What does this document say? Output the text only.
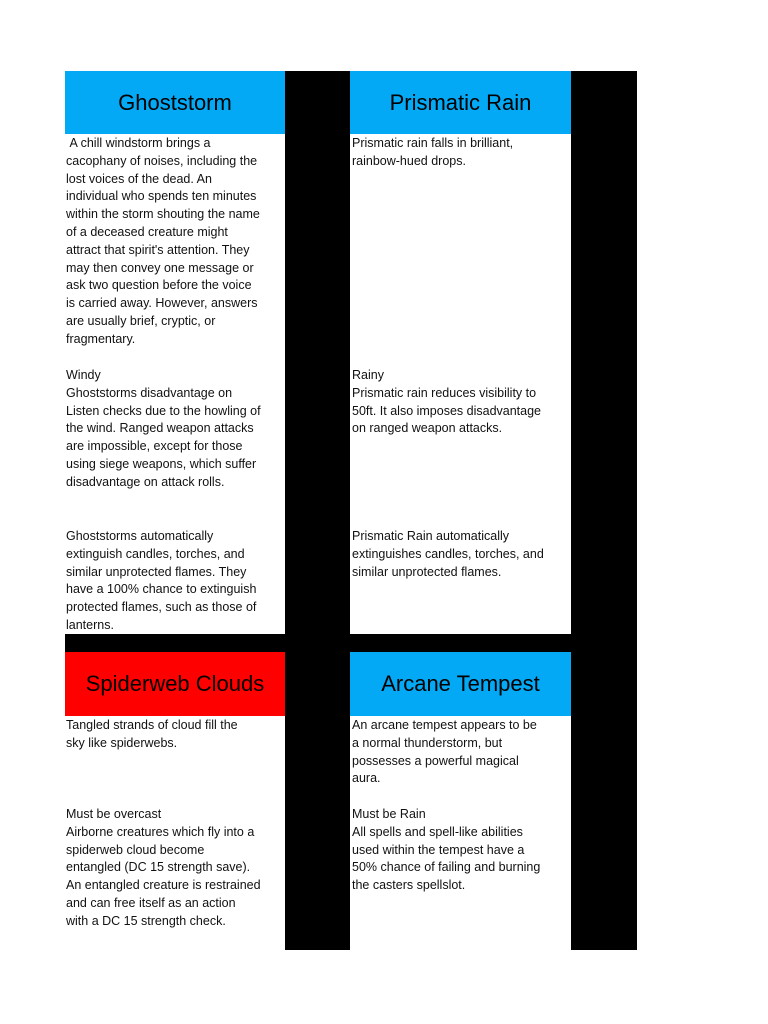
Ghoststorm
A chill windstorm brings a
cacophany of noises, including the
lost voices of the dead. An
individual who spends ten minutes
within the storm shouting the name
of a deceased creature might
attract that spirit's attention. They
may then convey one message or
ask two question before the voice
is carried away. However, answers
are usually brief, cryptic, or
fragmentary.
Windy
Ghoststorms disadvantage on
Listen checks due to the howling of
the wind. Ranged weapon attacks
are impossible, except for those
using siege weapons, which suffer
disadvantage on attack rolls.
Ghoststorms automatically
extinguish candles, torches, and
similar unprotected flames. They
have a 100% chance to extinguish
protected flames, such as those of
lanterns.
Prismatic Rain
Prismatic rain falls in brilliant,
rainbow-hued drops.
Rainy
Prismatic rain reduces visibility to
50ft. It also imposes disadvantage
on ranged weapon attacks.
Prismatic Rain automatically
extinguishes candles, torches, and
similar unprotected flames.
Spiderweb Clouds
Tangled strands of cloud fill the
sky like spiderwebs.
Must be overcast
Airborne creatures which fly into a
spiderweb cloud become
entangled (DC 15 strength save).
An entangled creature is restrained
and can free itself as an action
with a DC 15 strength check.
Arcane Tempest
An arcane tempest appears to be
a normal thunderstorm, but
possesses a powerful magical
aura.
Must be Rain
All spells and spell-like abilities
used within the tempest have a
50% chance of failing and burning
the casters spellslot.
